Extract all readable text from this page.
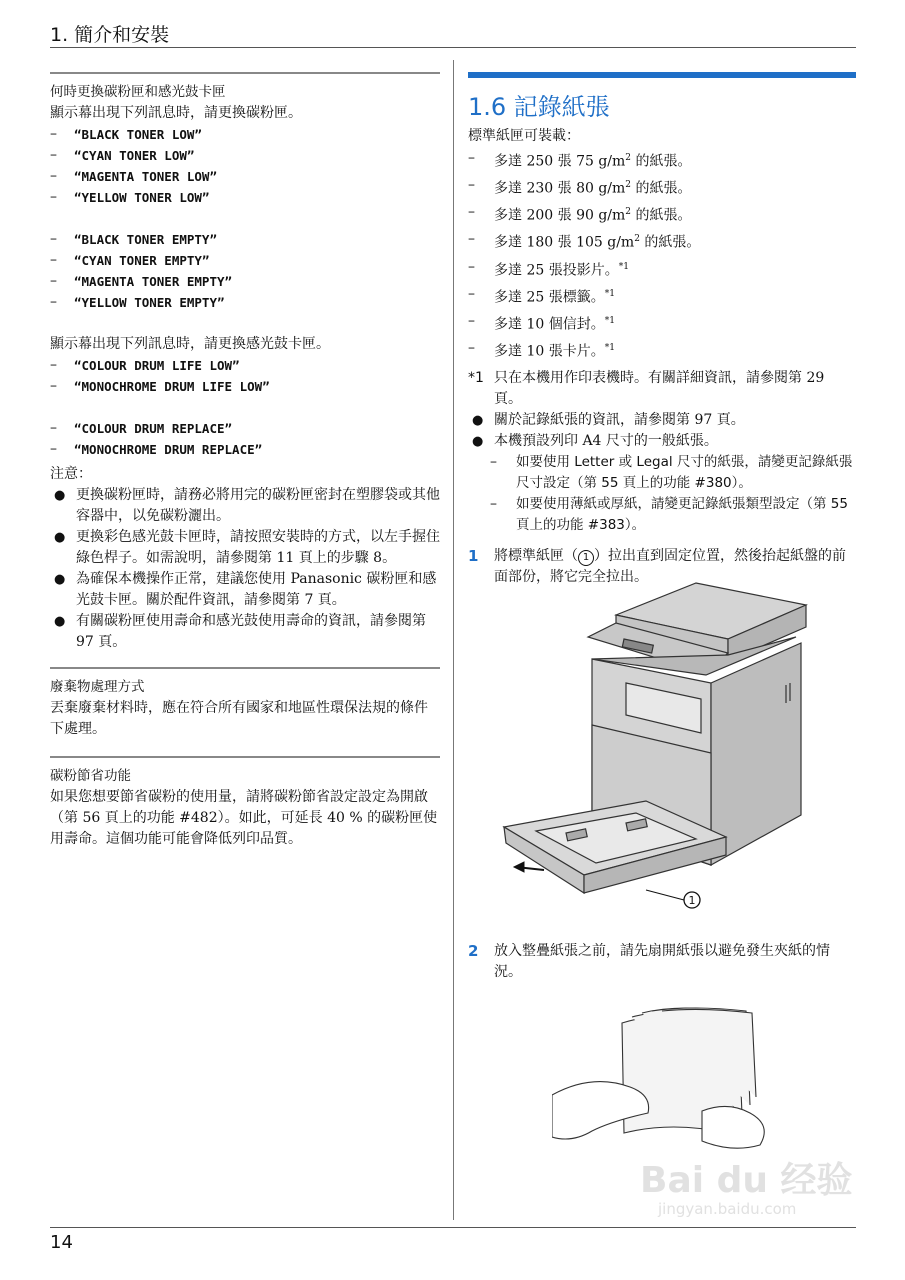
1. 簡介和安裝
何時更換碳粉匣和感光鼓卡匣
顯示幕出現下列訊息時，請更換碳粉匣。
–	“BLACK TONER LOW”
–	“CYAN TONER LOW”
–	“MAGENTA TONER LOW”
–	“YELLOW TONER LOW”
–	“BLACK TONER EMPTY”
–	“CYAN TONER EMPTY”
–	“MAGENTA TONER EMPTY”
–	“YELLOW TONER EMPTY”
顯示幕出現下列訊息時，請更換感光鼓卡匣。
–	“COLOUR DRUM LIFE LOW”
–	“MONOCHROME DRUM LIFE LOW”
–	“COLOUR DRUM REPLACE”
–	“MONOCHROME DRUM REPLACE”
注意：
● 更換碳粉匣時，請務必將用完的碳粉匣密封在塑膠袋或其他容器中，以免碳粉灑出。
● 更換彩色感光鼓卡匣時，請按照安裝時的方式，以左手握住綠色桿子。如需說明，請參閱第 11 頁上的步驟 8。
● 為確保本機操作正常，建議您使用 Panasonic 碳粉匣和感光鼓卡匣。關於配件資訊，請參閱第 7 頁。
● 有關碳粉匣使用壽命和感光鼓使用壽命的資訊，請參閱第 97 頁。
廢棄物處理方式
丟棄廢棄材料時，應在符合所有國家和地區性環保法規的條件下處理。
碳粉節省功能
如果您想要節省碳粉的使用量，請將碳粉節省設定設定為開啟（第 56 頁上的功能 #482）。如此，可延長 40 % 的碳粉匣使用壽命。這個功能可能會降低列印品質。
1.6 記錄紙張
標準紙匣可裝載：
–	多達 250 張 75 $g/m^2$ 的紙張。
–	多達 230 張 80 $g/m^2$ 的紙張。
–	多達 200 張 90 $g/m^2$ 的紙張。
–	多達 180 張 105 $g/m^2$ 的紙張。
–	多達 25 張投影片。$^{*1}$
–	多達 25 張標籤。$^{*1}$
–	多達 10 個信封。$^{*1}$
–	多達 10 張卡片。$^{*1}$
*1 只在本機用作印表機時。有關詳細資訊，請參閱第 29 頁。
● 關於記錄紙張的資訊，請參閱第 97 頁。
● 本機預設列印 A4 尺寸的一般紙張。
–	如要使用 Letter 或 Legal 尺寸的紙張，請變更記錄紙張尺寸設定（第 55 頁上的功能 #380）。
–	如要使用薄紙或厚紙，請變更記錄紙張類型設定（第 55 頁上的功能 #383）。
1	將標準紙匣（ 1 ）拉出直到固定位置，然後抬起紙盤的前面部份，將它完全拉出。
1
2	放入整疊紙張之前，請先扇開紙張以避免發生夾紙的情況。
Bai du 经验
jingyan.baidu.com
14
